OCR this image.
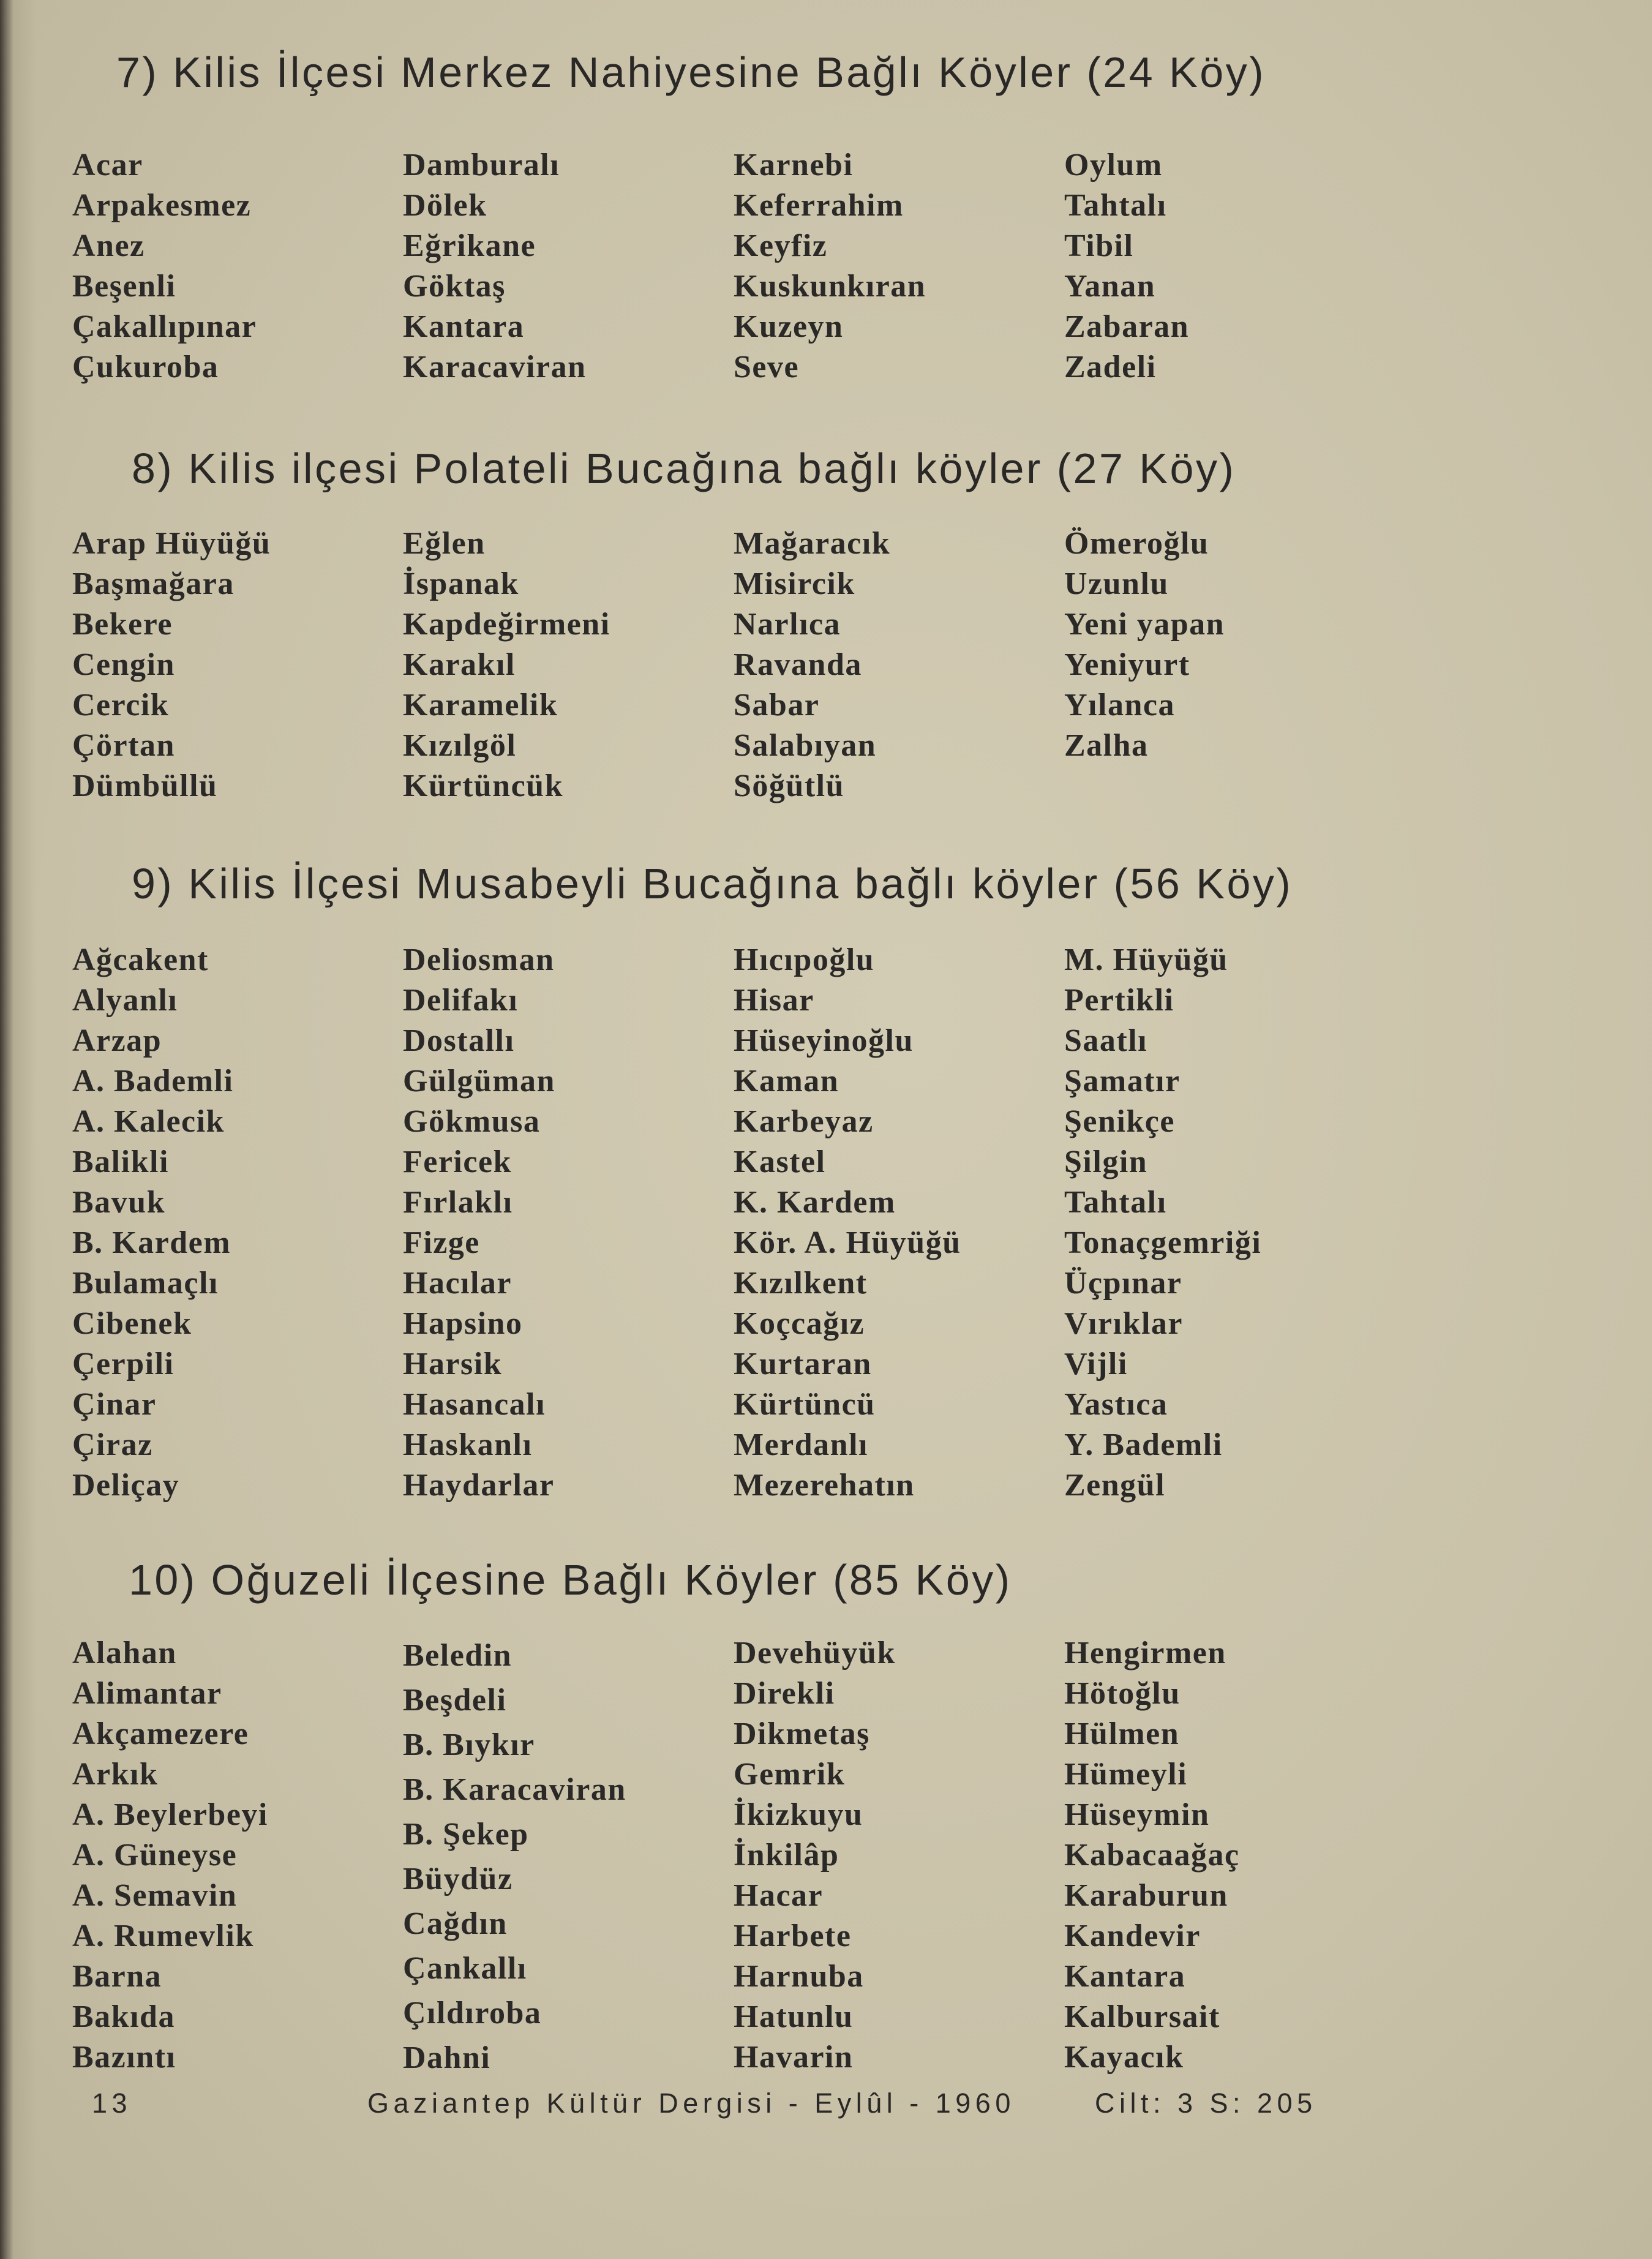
7) Kilis İlçesi Merkez Nahiyesine Bağlı Köyler (24 Köy)
Acar
Arpakesmez
Anez
Beşenli
Çakallıpınar
Çukuroba
Damburalı
Dölek
Eğrikane
Göktaş
Kantara
Karacaviran
Karnebi
Keferrahim
Keyfiz
Kuskunkıran
Kuzeyn
Seve
Oylum
Tahtalı
Tibil
Yanan
Zabaran
Zadeli
8) Kilis ilçesi Polateli Bucağına bağlı köyler (27 Köy)
Arap Hüyüğü
Başmağara
Bekere
Cengin
Cercik
Çörtan
Dümbüllü
Eğlen
İspanak
Kapdeğirmeni
Karakıl
Karamelik
Kızılgöl
Kürtüncük
Mağaracık
Misircik
Narlıca
Ravanda
Sabar
Salabıyan
Söğütlü
Ömeroğlu
Uzunlu
Yeni yapan
Yeniyurt
Yılanca
Zalha
9) Kilis İlçesi Musabeyli Bucağına bağlı köyler (56 Köy)
Ağcakent
Alyanlı
Arzap
A. Bademli
A. Kalecik
Balikli
Bavuk
B. Kardem
Bulamaçlı
Cibenek
Çerpili
Çinar
Çiraz
Deliçay
Deliosman
Delifakı
Dostallı
Gülgüman
Gökmusa
Fericek
Fırlaklı
Fizge
Hacılar
Hapsino
Harsik
Hasancalı
Haskanlı
Haydarlar
Hıcıpoğlu
Hisar
Hüseyinoğlu
Kaman
Karbeyaz
Kastel
K. Kardem
Kör. A. Hüyüğü
Kızılkent
Koçcağız
Kurtaran
Kürtüncü
Merdanlı
Mezerehatın
M. Hüyüğü
Pertikli
Saatlı
Şamatır
Şenikçe
Şilgin
Tahtalı
Tonaçgemriği
Üçpınar
Vırıklar
Vijli
Yastıca
Y. Bademli
Zengül
10) Oğuzeli İlçesine Bağlı Köyler (85 Köy)
Alahan
Alimantar
Akçamezere
Arkık
A. Beylerbeyi
A. Güneyse
A. Semavin
A. Rumevlik
Barna
Bakıda
Bazıntı
Beledin
Beşdeli
B. Bıykır
B. Karacaviran
B. Şekep
Büydüz
Cağdın
Çankallı
Çıldıroba
Dahni
Devehüyük
Direkli
Dikmetaş
Gemrik
İkizkuyu
İnkilâp
Hacar
Harbete
Harnuba
Hatunlu
Havarin
Hengirmen
Hötoğlu
Hülmen
Hümeyli
Hüseymin
Kabacaağaç
Karaburun
Kandevir
Kantara
Kalbursait
Kayacık
13	Gaziantep Kültür Dergisi - Eylûl - 1960	Cilt: 3 S: 205
